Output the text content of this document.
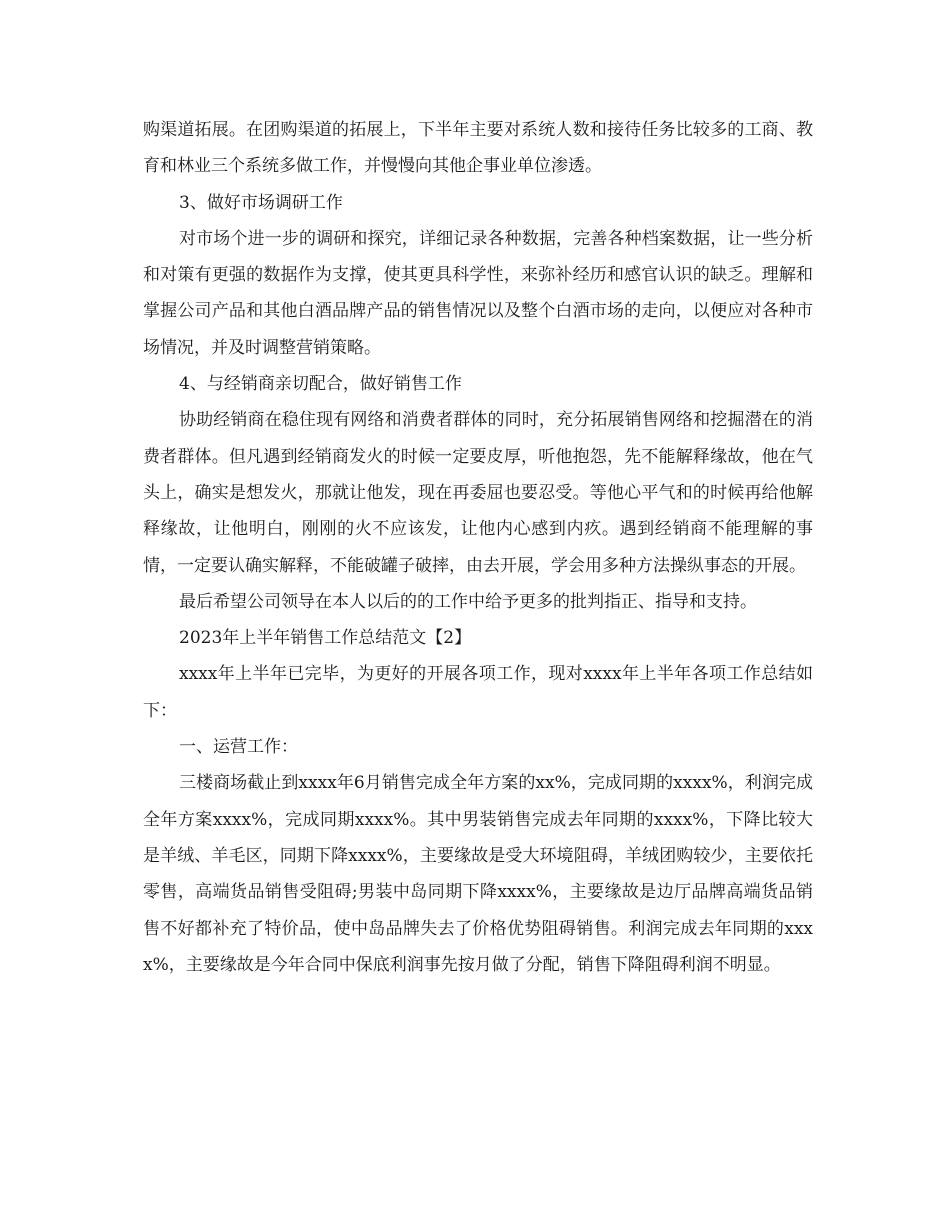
购渠道拓展。在团购渠道的拓展上，下半年主要对系统人数和接待任务比较多的工商、教育和林业三个系统多做工作，并慢慢向其他企事业单位渗透。

3、做好市场调研工作

对市场个进一步的调研和探究，详细记录各种数据，完善各种档案数据，让一些分析和对策有更强的数据作为支撑，使其更具科学性，来弥补经历和感官认识的缺乏。理解和掌握公司产品和其他白酒品牌产品的销售情况以及整个白酒市场的走向，以便应对各种市场情况，并及时调整营销策略。

4、与经销商亲切配合，做好销售工作

协助经销商在稳住现有网络和消费者群体的同时，充分拓展销售网络和挖掘潜在的消费者群体。但凡遇到经销商发火的时候一定要皮厚，听他抱怨，先不能解释缘故，他在气头上，确实是想发火，那就让他发，现在再委屈也要忍受。等他心平气和的时候再给他解释缘故，让他明白，刚刚的火不应该发，让他内心感到内疚。遇到经销商不能理解的事情，一定要认确实解释，不能破罐子破摔，由去开展，学会用多种方法操纵事态的开展。

最后希望公司领导在本人以后的的工作中给予更多的批判指正、指导和支持。

2023年上半年销售工作总结范文【2】

xxxx年上半年已完毕，为更好的开展各项工作，现对xxxx年上半年各项工作总结如下：

一、运营工作：

三楼商场截止到xxxx年6月销售完成全年方案的xx%，完成同期的xxxx%，利润完成全年方案xxxx%，完成同期xxxx%。其中男装销售完成去年同期的xxxx%，下降比较大是羊绒、羊毛区，同期下降xxxx%，主要缘故是受大环境阻碍，羊绒团购较少，主要依托零售，高端货品销售受阻碍;男装中岛同期下降xxxx%，主要缘故是边厅品牌高端货品销售不好都补充了特价品，使中岛品牌失去了价格优势阻碍销售。利润完成去年同期的xxxx%，主要缘故是今年合同中保底利润事先按月做了分配，销售下降阻碍利润不明显。
